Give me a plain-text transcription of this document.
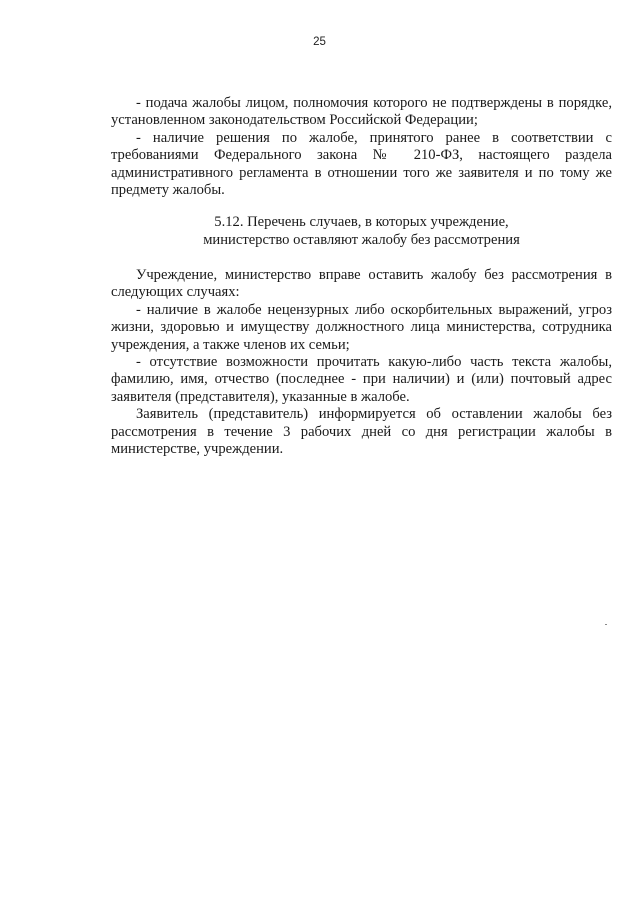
25

- подача жалобы лицом, полномочия которого не подтверждены в порядке, установленном законодательством Российской Федерации;

- наличие решения по жалобе, принятого ранее в соответствии с требованиями Федерального закона № 210-ФЗ, настоящего раздела административного регламента в отношении того же заявителя и по тому же предмету жалобы.

5.12. Перечень случаев, в которых учреждение,
министерство оставляют жалобу без рассмотрения

Учреждение, министерство вправе оставить жалобу без рассмотрения в следующих случаях:

- наличие в жалобе нецензурных либо оскорбительных выражений, угроз жизни, здоровью и имуществу должностного лица министерства, сотрудника учреждения, а также членов их семьи;

- отсутствие возможности прочитать какую-либо часть текста жалобы, фамилию, имя, отчество (последнее - при наличии) и (или) почтовый адрес заявителя (представителя), указанные в жалобе.

Заявитель (представитель) информируется об оставлении жалобы без рассмотрения в течение 3 рабочих дней со дня регистрации жалобы в министерстве, учреждении.
